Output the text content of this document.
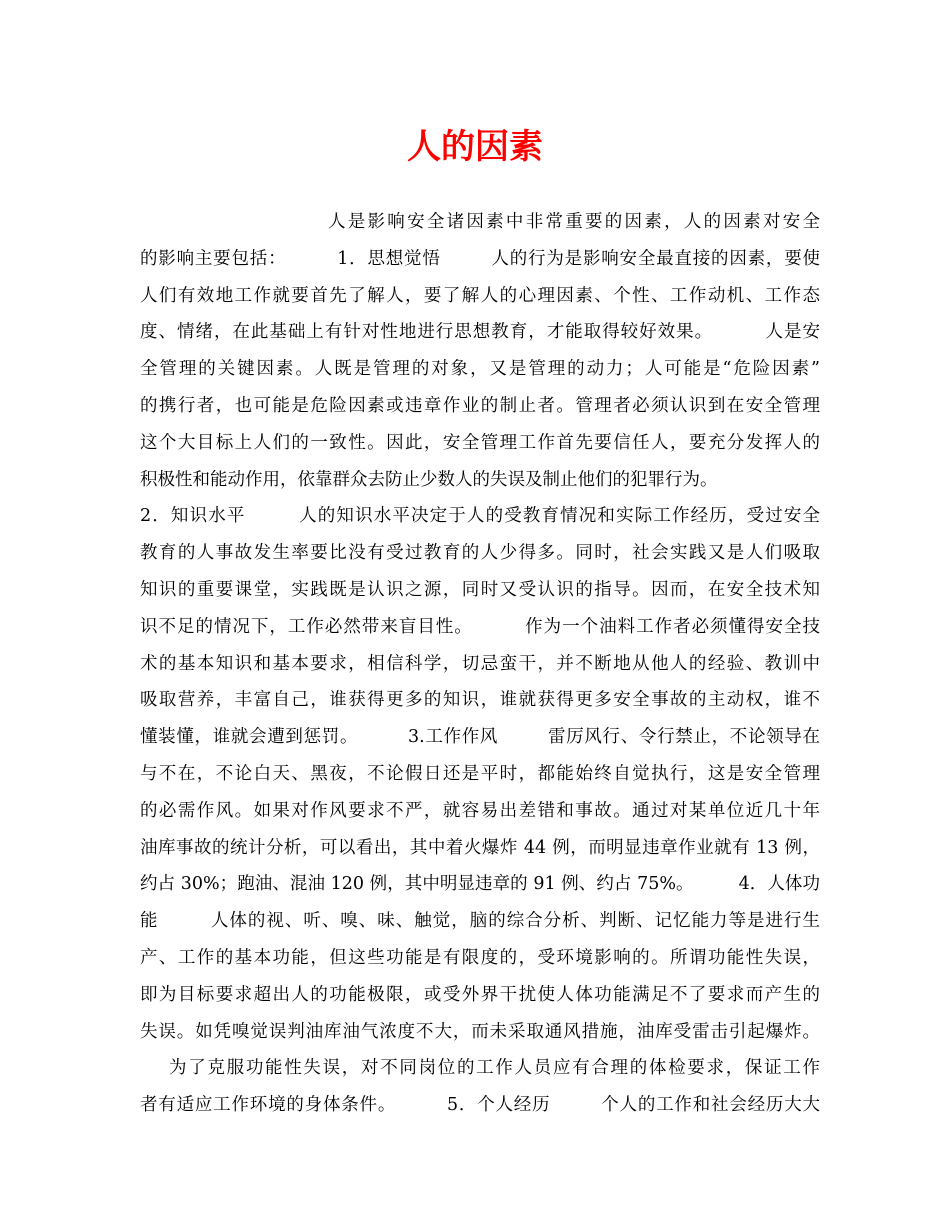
人的因素
人是影响安全诸因素中非常重要的因素，人的因素对安全
的影响主要包括：        1．思想觉悟        人的行为是影响安全最直接的因素，要使
人们有效地工作就要首先了解人，要了解人的心理因素、个性、工作动机、工作态
度、情绪，在此基础上有针对性地进行思想教育，才能取得较好效果。        人是安
全管理的关键因素。人既是管理的对象，又是管理的动力；人可能是“危险因素”
的携行者，也可能是危险因素或违章作业的制止者。管理者必须认识到在安全管理
这个大目标上人们的一致性。因此，安全管理工作首先要信任人，要充分发挥人的
积极性和能动作用，依靠群众去防止少数人的失误及制止他们的犯罪行为。
2．知识水平        人的知识水平决定于人的受教育情况和实际工作经历，受过安全
教育的人事故发生率要比没有受过教育的人少得多。同时，社会实践又是人们吸取
知识的重要课堂，实践既是认识之源，同时又受认识的指导。因而，在安全技术知
识不足的情况下，工作必然带来盲目性。        作为一个油料工作者必须懂得安全技
术的基本知识和基本要求，相信科学，切忌蛮干，并不断地从他人的经验、教训中
吸取营养，丰富自己，谁获得更多的知识，谁就获得更多安全事故的主动权，谁不
懂装懂，谁就会遭到惩罚。        3.工作作风        雷厉风行、令行禁止，不论领导在
与不在，不论白天、黑夜，不论假日还是平时，都能始终自觉执行，这是安全管理
的必需作风。如果对作风要求不严，就容易出差错和事故。通过对某单位近几十年
油库事故的统计分析，可以看出，其中着火爆炸 44 例，而明显违章作业就有 13 例，
约占 30%；跑油、混油 120 例，其中明显违章的 91 例、约占 75%。        4．人体功
能        人体的视、听、嗅、味、触觉，脑的综合分析、判断、记忆能力等是进行生
产、工作的基本功能，但这些功能是有限度的，受环境影响的。所谓功能性失误，
即为目标要求超出人的功能极限，或受外界干扰使人体功能满足不了要求而产生的
失误。如凭嗅觉误判油库油气浓度不大，而未采取通风措施，油库受雷击引起爆炸。
为了克服功能性失误，对不同岗位的工作人员应有合理的体检要求，保证工作
者有适应工作环境的身体条件。        5．个人经历        个人的工作和社会经历大大
